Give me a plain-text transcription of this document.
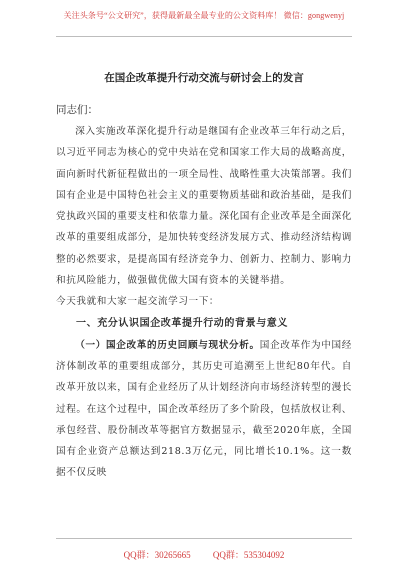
关注头条号“公文研究”，获得最新最全最专业的公文资料库！ 微信：gongwenyj
在国企改革提升行动交流与研讨会上的发言
同志们：

深入实施改革深化提升行动是继国有企业改革三年行动之后，以习近平同志为核心的党中央站在党和国家工作大局的战略高度，面向新时代新征程做出的一项全局性、战略性重大决策部署。我们国有企业是中国特色社会主义的重要物质基础和政治基础，是我们党执政兴国的重要支柱和依靠力量。深化国有企业改革是全面深化改革的重要组成部分，是加快转变经济发展方式、推动经济结构调整的必然要求，是提高国有经济竞争力、创新力、控制力、影响力和抗风险能力，做强做优做大国有资本的关键举措。

今天我就和大家一起交流学习一下：

一、充分认识国企改革提升行动的背景与意义

（一）国企改革的历史回顾与现状分析。国企改革作为中国经济体制改革的重要组成部分，其历史可追溯至上世纪80年代。自改革开放以来，国有企业经历了从计划经济向市场经济转型的漫长过程。在这个过程中，国企改革经历了多个阶段，包括放权让利、承包经营、股份制改革等据官方数据显示，截至2020年底，全国国有企业资产总额达到218.3万亿元，同比增长10.1%。这一数据不仅反映

QQ群：30265665 QQ群：535304092
